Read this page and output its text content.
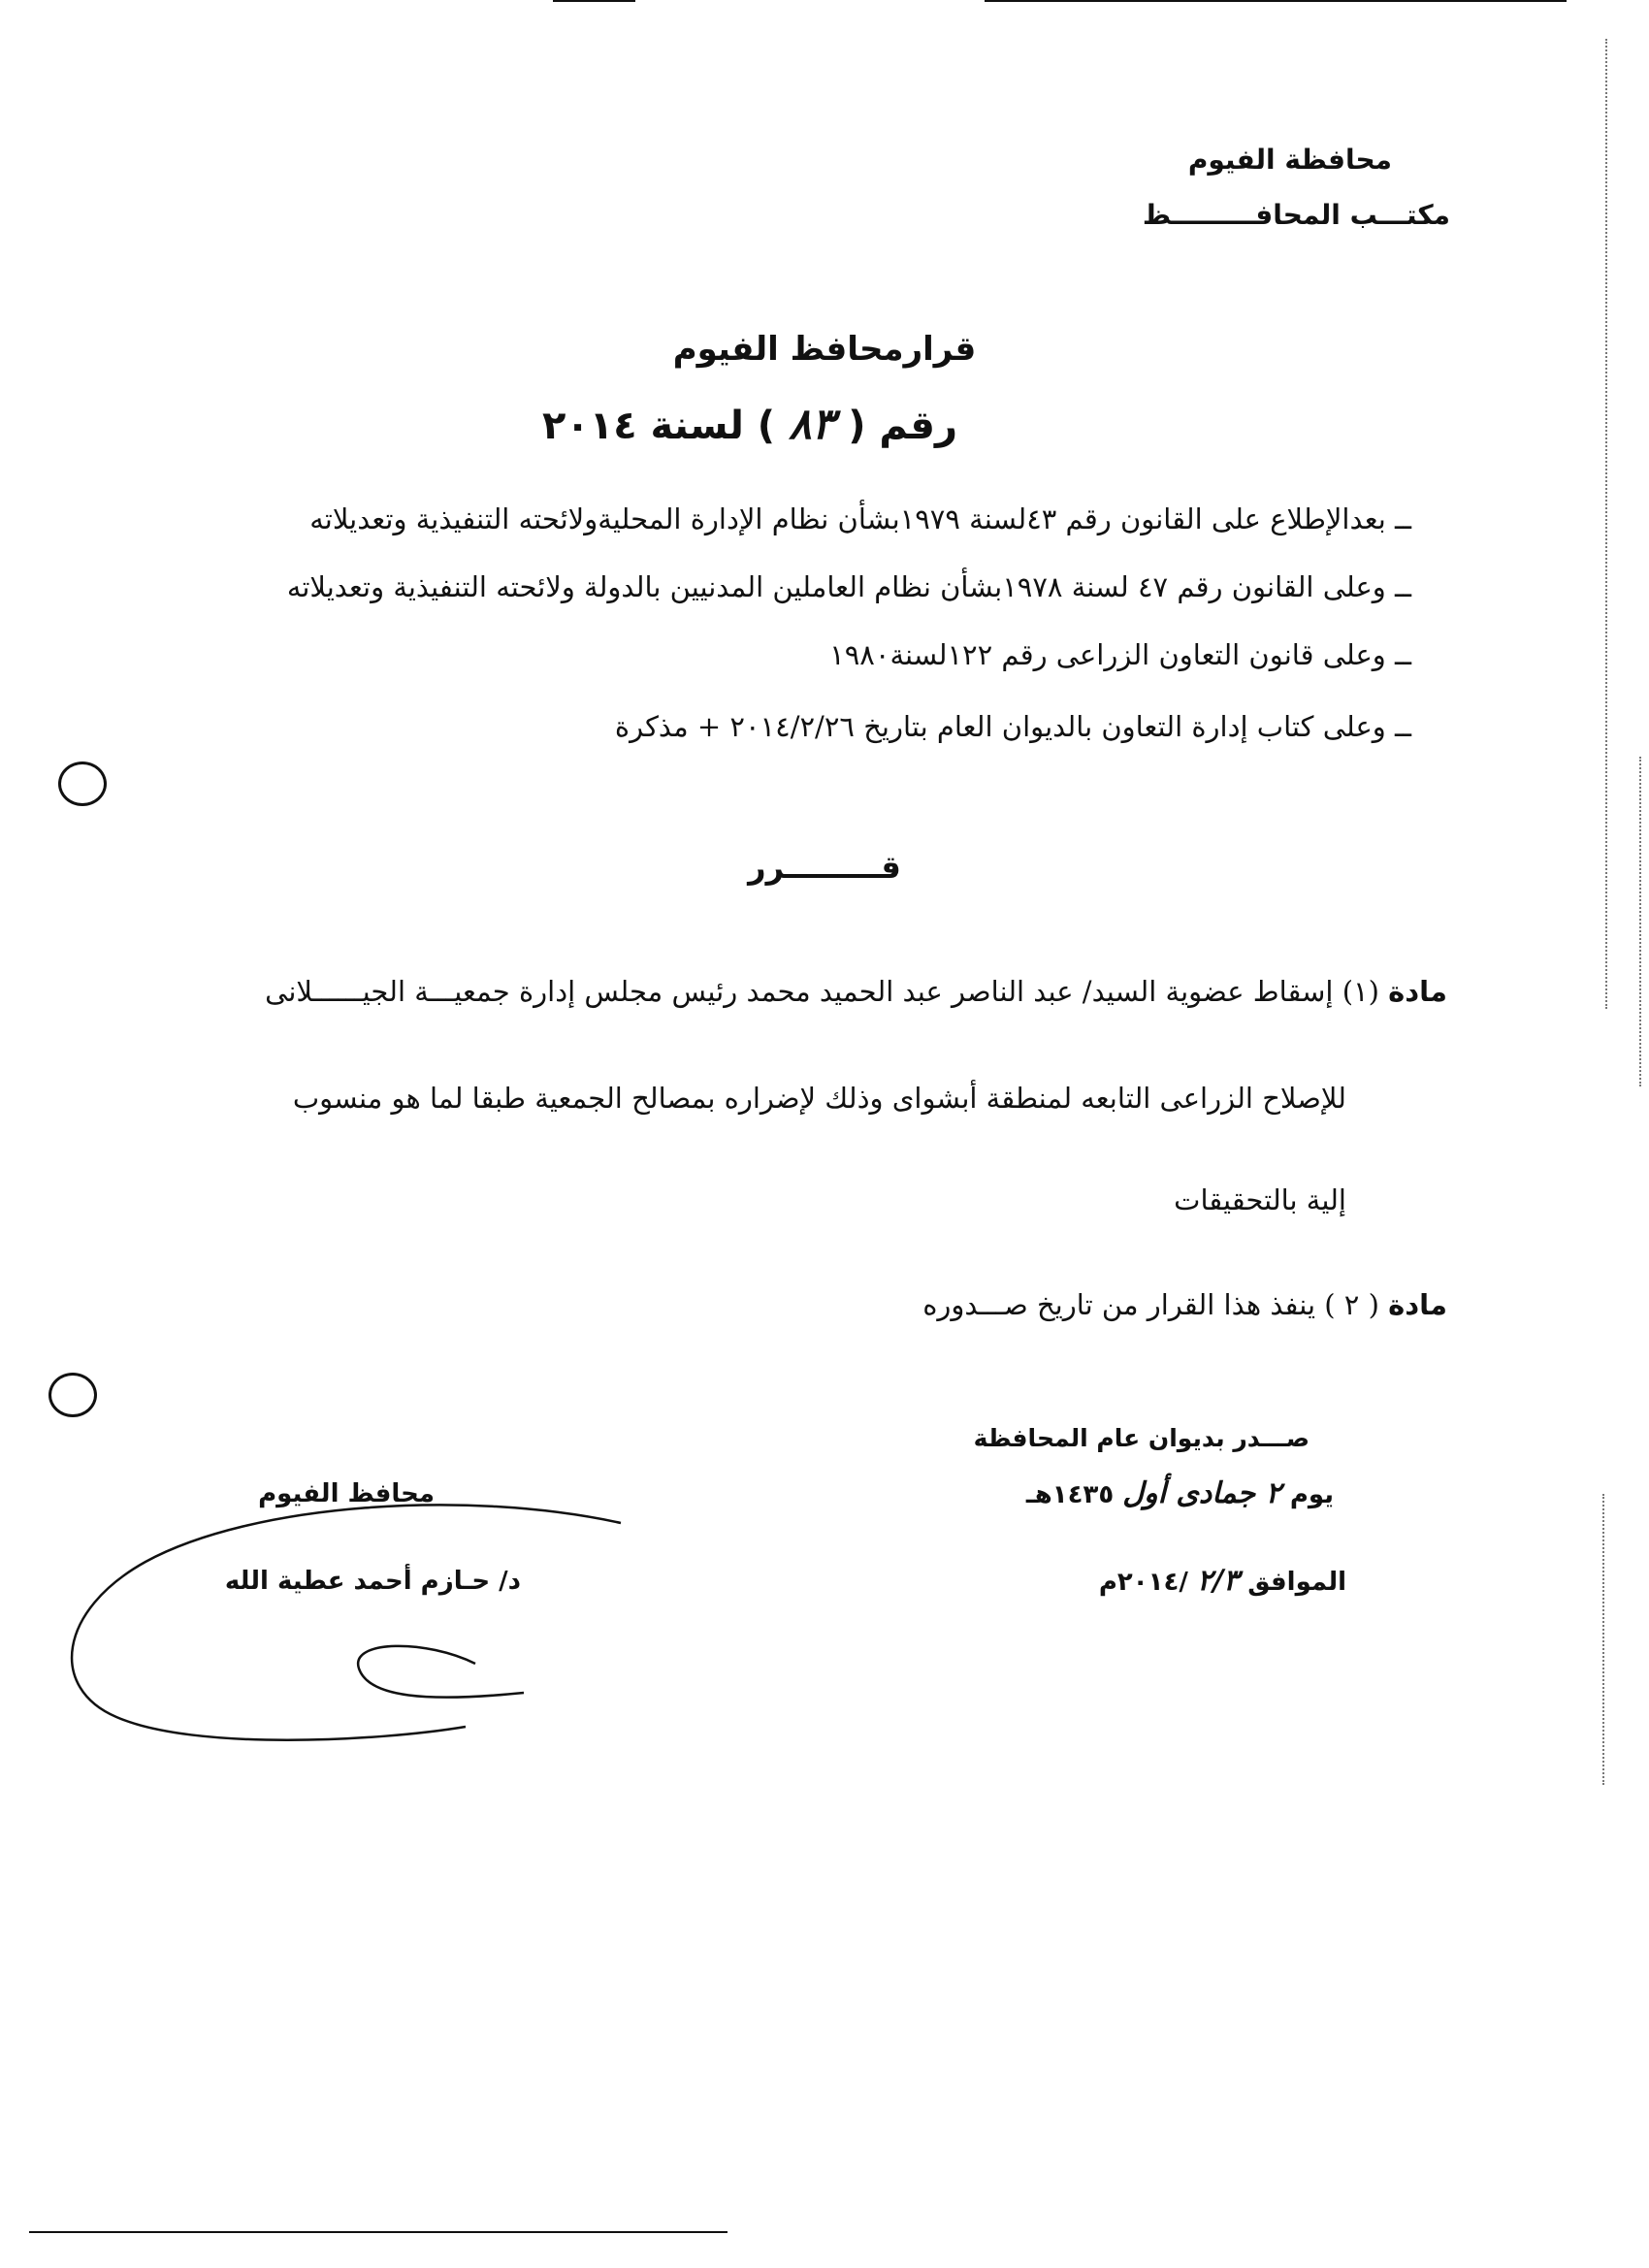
محافظة الفيوم
مكتـــب المحافـــــــــظ
قرارمحافظ الفيوم
رقم ( ٨٣ ) لسنة ٢٠١٤
ــ بعدالإطلاع على القانون رقم ٤٣لسنة ١٩٧٩بشأن نظام الإدارة المحليةولائحته التنفيذية وتعديلاته
ــ وعلى القانون رقم ٤٧ لسنة ١٩٧٨بشأن نظام العاملين المدنيين بالدولة ولائحته التنفيذية وتعديلاته
ــ وعلى قانون التعاون الزراعى رقم ١٢٢لسنة١٩٨٠
ــ وعلى كتاب إدارة التعاون بالديوان العام بتاريخ ٢٠١٤/٢/٢٦ + مذكرة
قـــــــــرر
مادة (١) إسقاط عضوية السيد/ عبد الناصر عبد الحميد محمد رئيس مجلس إدارة جمعيـــة الجيــــــلانى
للإصلاح الزراعى التابعه لمنطقة أبشواى وذلك لإضراره بمصالح الجمعية طبقا لما هو منسوب
إلية بالتحقيقات
مادة ( ٢ ) ينفذ هذا القرار من تاريخ صـــدوره
صـــدر بديوان عام المحافظة
يوم ٢ جمادى أول ١٤٣٥هـ
الموافق ٢/٣ /٢٠١٤م
محافظ الفيوم
د/ حـازم أحمد عطية الله
